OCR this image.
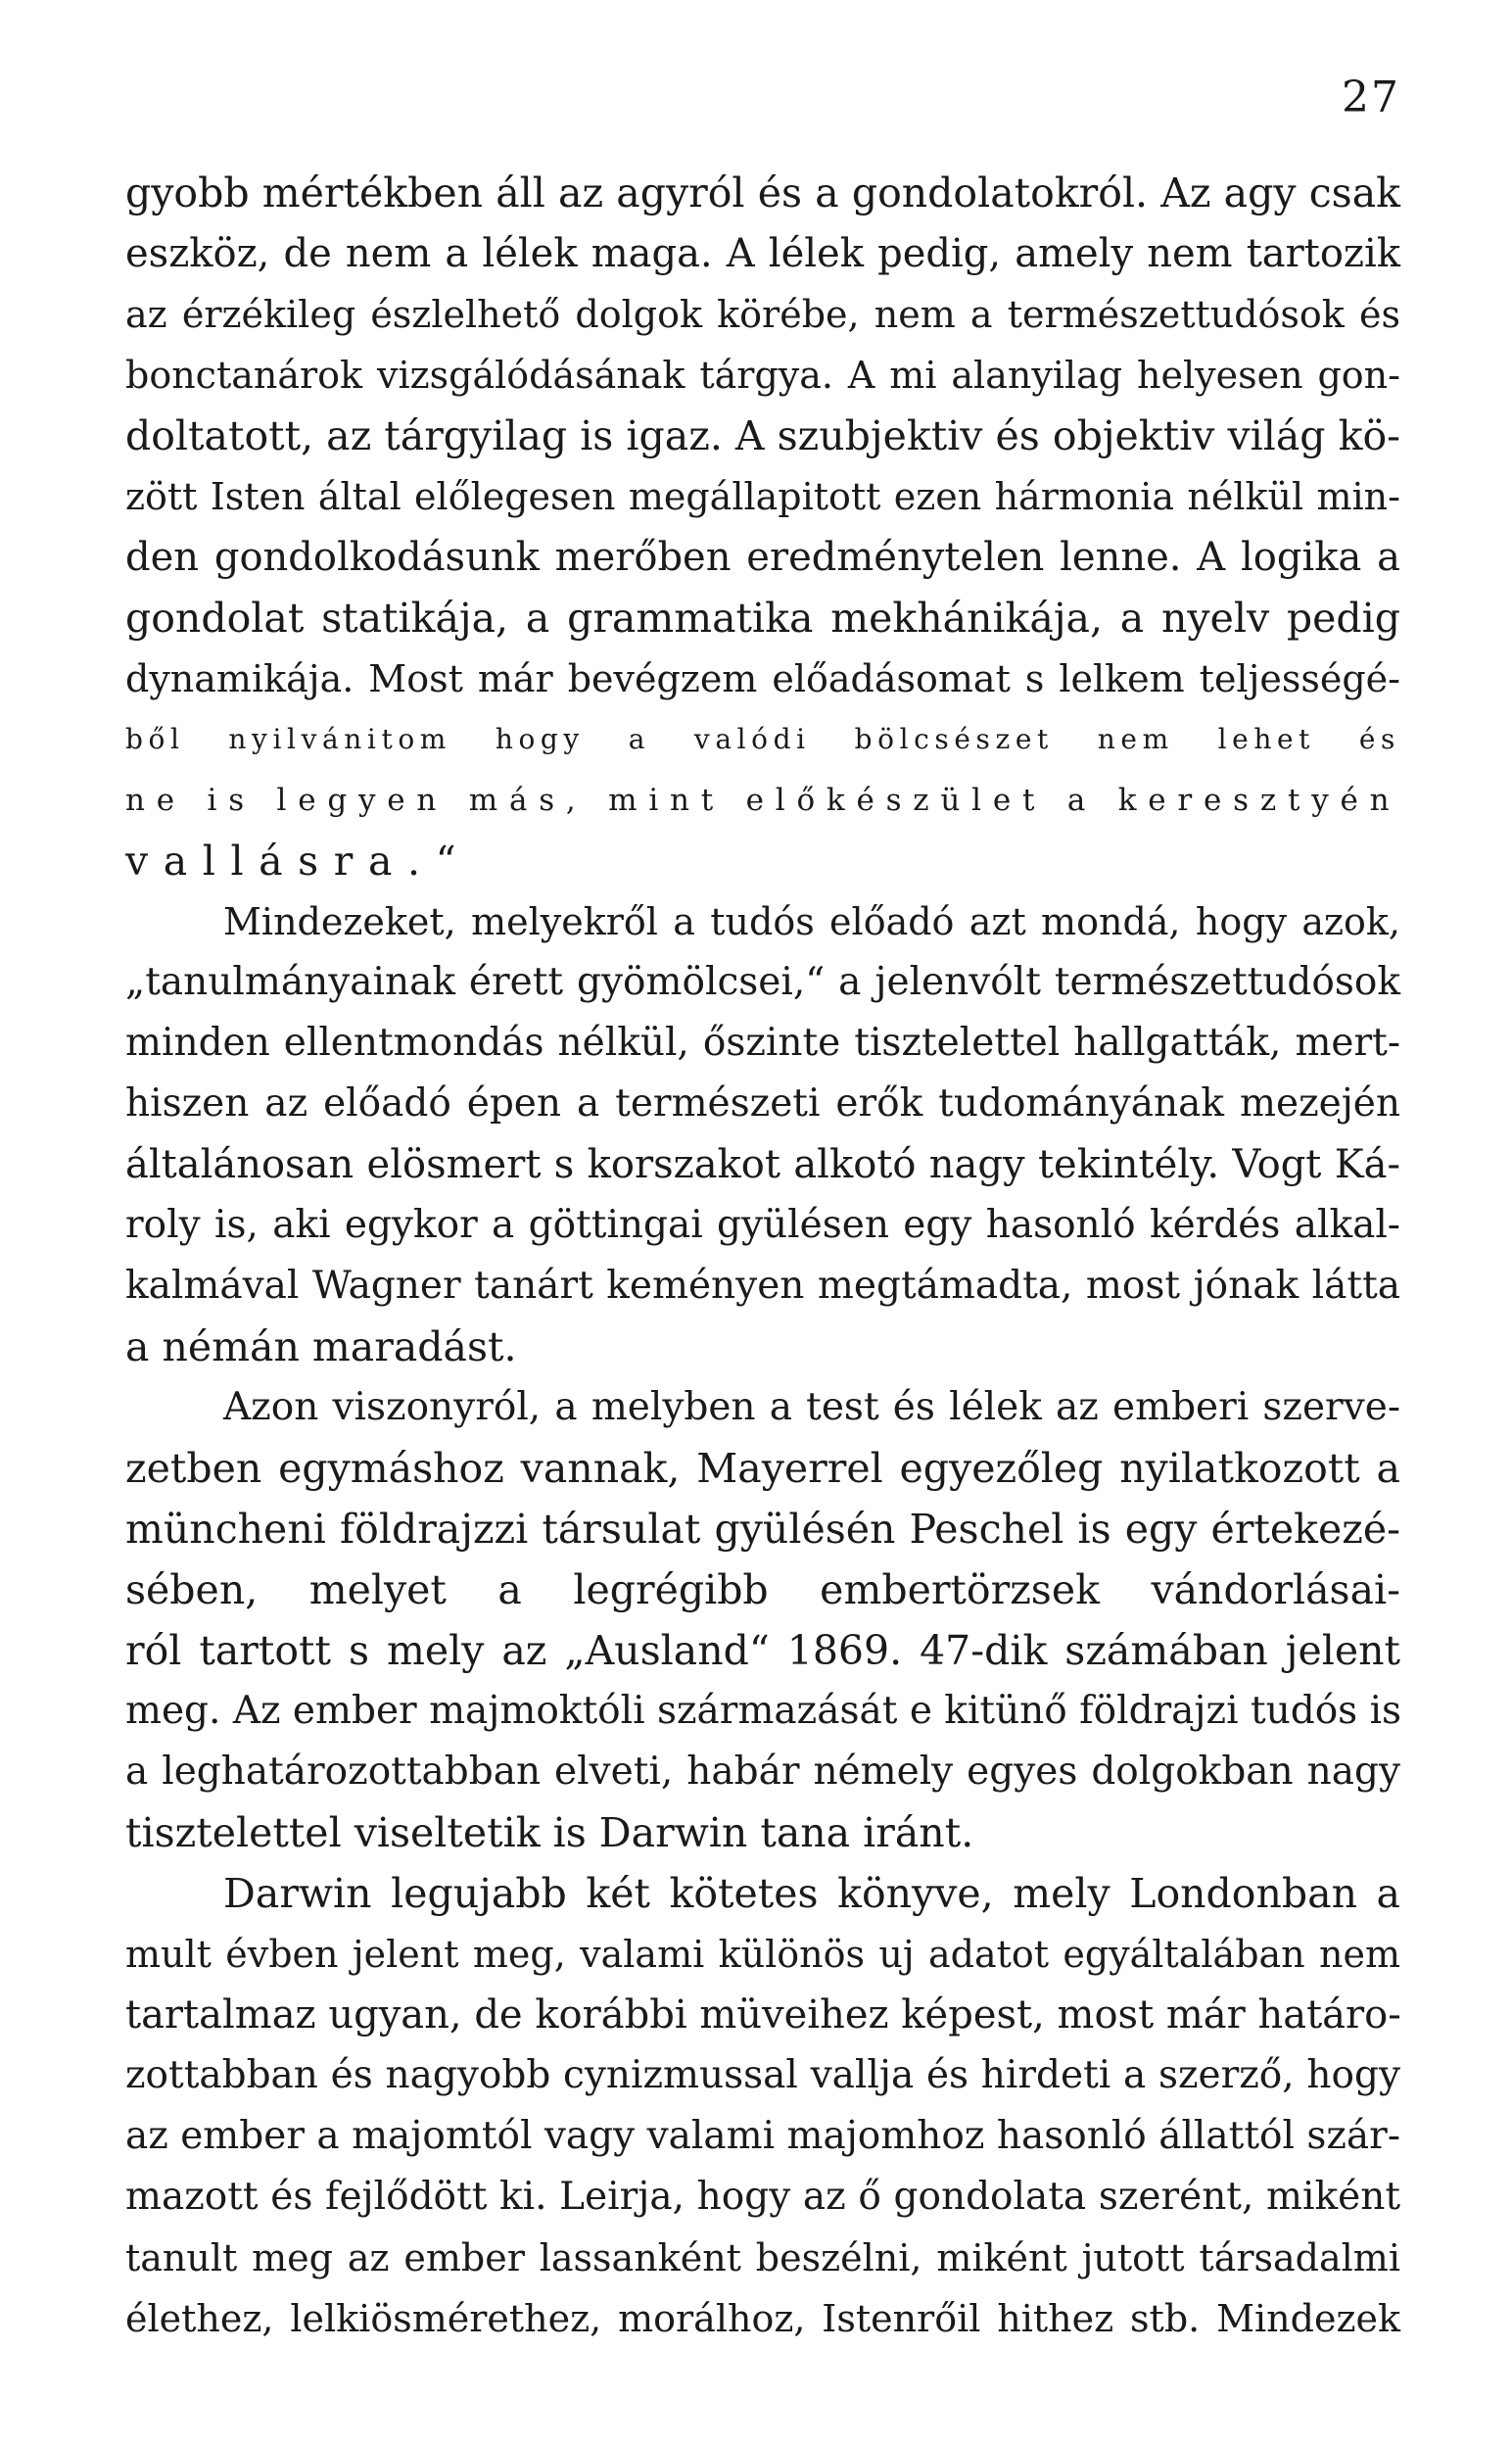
27

gyobb mértékben áll az agyról és a gondolatokról. Az agy csak
eszköz, de nem a lélek maga. A lélek pedig, amely nem tartozik
az érzékileg észlelhető dolgok körébe, nem a természettudósok és
bonctanárok vizsgálódásának tárgya. A mi alanyilag helyesen gon-
doltatott, az tárgyilag is igaz. A szubjektiv és objektiv világ kö-
zött Isten által előlegesen megállapitott ezen hármonia nélkül min-
den gondolkodásunk merőben eredménytelen lenne. A logika a
gondolat statikája, a grammatika mekhánikája, a nyelv pedig
dynamikája. Most már bevégzem előadásomat s lelkem teljességé-
ből nyilvánitom hogy a valódi bölcsészet nem lehet és
ne is legyen más, mint előkészület a keresztyén
vallásra.“

Mindezeket, melyekről a tudós előadó azt mondá, hogy azok,
„tanulmányainak érett gyömölcsei,“ a jelenvólt természettudósok
minden ellentmondás nélkül, őszinte tisztelettel hallgatták, mert-
hiszen az előadó épen a természeti erők tudományának mezején
általánosan elösmert s korszakot alkotó nagy tekintély. Vogt Ká-
roly is, aki egykor a göttingai gyülésen egy hasonló kérdés alkal-
kalmával Wagner tanárt keményen megtámadta, most jónak látta
a némán maradást.

Azon viszonyról, a melyben a test és lélek az emberi szerve-
zetben egymáshoz vannak, Mayerrel egyezőleg nyilatkozott a
müncheni földrajzzi társulat gyülésén Peschel is egy értekezé-
sében, melyet a legrégibb embertörzsek vándorlásai-
ról tartott s mely az „Ausland“ 1869. 47-dik számában jelent
meg. Az ember majmoktóli származását e kitünő földrajzi tudós is
a leghatározottabban elveti, habár némely egyes dolgokban nagy
tisztelettel viseltetik is Darwin tana iránt.

Darwin legujabb két kötetes könyve, mely Londonban a
mult évben jelent meg, valami különös uj adatot egyáltalában nem
tartalmaz ugyan, de korábbi müveihez képest, most már határo-
zottabban és nagyobb cynizmussal vallja és hirdeti a szerző, hogy
az ember a majomtól vagy valami majomhoz hasonló állattól szár-
mazott és fejlődött ki. Leirja, hogy az ő gondolata szerént, miként
tanult meg az ember lassanként beszélni, miként jutott társadalmi
élethez, lelkiösmérethez, morálhoz, Istenrőil hithez stb. Mindezek
